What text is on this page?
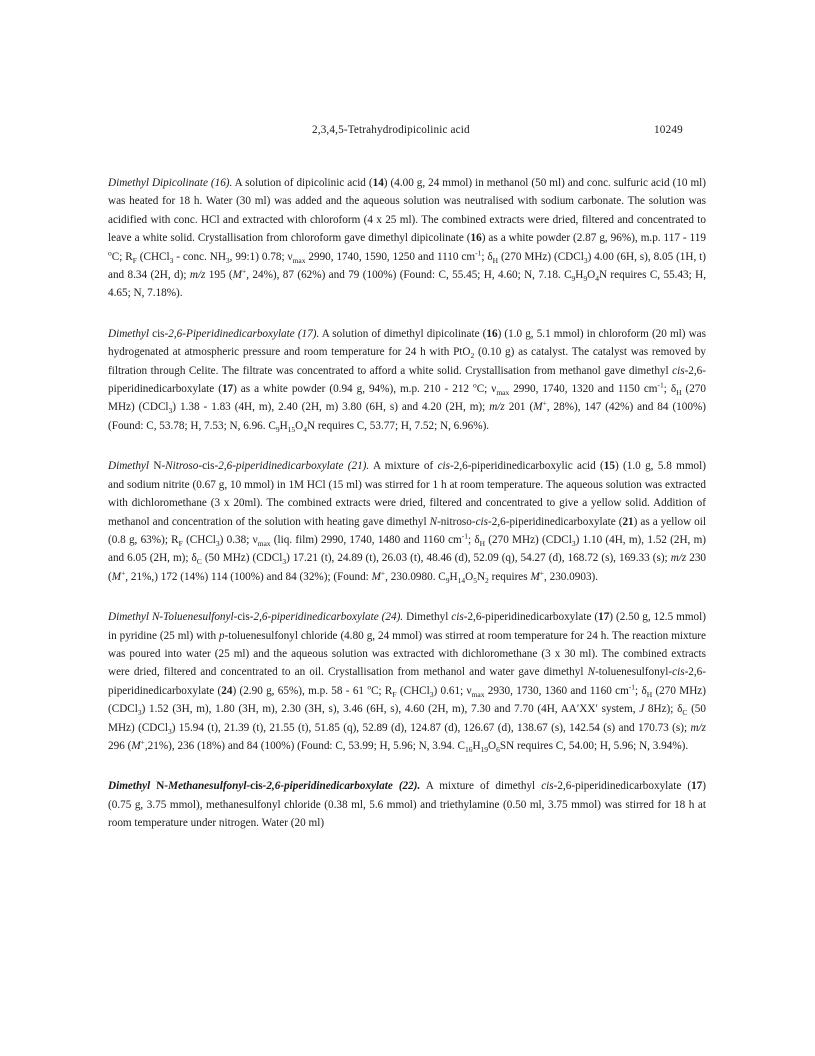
2,3,4,5-Tetrahydrodipicolinic acid	10249

Dimethyl Dipicolinate (16). A solution of dipicolinic acid (14) (4.00 g, 24 mmol) in methanol (50 ml) and conc. sulfuric acid (10 ml) was heated for 18 h. Water (30 ml) was added and the aqueous solution was neutralised with sodium carbonate. The solution was acidified with conc. HCl and extracted with chloroform (4 x 25 ml). The combined extracts were dried, filtered and concentrated to leave a white solid. Crystallisation from chloroform gave dimethyl dipicolinate (16) as a white powder (2.87 g, 96%), m.p. 117 - 119 $^o$C; $R_F$ (CHCl$_3$ - conc. $NH_3$, 99:1) 0.78; $\nu_{max}$ 2990, 1740, 1590, 1250 and 1110 $cm^{-1}$; $\delta_H$ (270 MHz) (CDCl$_3$) 4.00 (6H, s), 8.05 (1H, t) and 8.34 (2H, d); m/z 195 (M+, 24%), 87 (62%) and 79 (100%) (Found: C, 55.45; H, 4.60; N, 7.18. $C_9H_9O_4N$ requires C, 55.43; H, 4.65; N, 7.18%).

Dimethyl cis-2,6-Piperidinedicarboxylate (17). A solution of dimethyl dipicolinate (16) (1.0 g, 5.1 mmol) in chloroform (20 ml) was hydrogenated at atmospheric pressure and room temperature for 24 h with PtO$_2$ (0.10 g) as catalyst. The catalyst was removed by filtration through Celite. The filtrate was concentrated to afford a white solid. Crystallisation from methanol gave dimethyl cis-2,6-piperidinedicarboxylate (17) as a white powder (0.94 g, 94%), m.p. 210 - 212 $^o$C; $\nu_{max}$ 2990, 1740, 1320 and 1150 $cm^{-1}$; $\delta_H$ (270 MHz) (CDCl$_3$) 1.38 - 1.83 (4H, m), 2.40 (2H, m) 3.80 (6H, s) and 4.20 (2H, m); m/z 201 (M+, 28%), 147 (42%) and 84 (100%) (Found: C, 53.78; H, 7.53; N, 6.96. $C_9H_{15}O_4N$ requires C, 53.77; H, 7.52; N, 6.96%).

Dimethyl N-Nitroso-cis-2,6-piperidinedicarboxylate (21). A mixture of cis-2,6-piperidinedicarboxylic acid (15) (1.0 g, 5.8 mmol) and sodium nitrite (0.67 g, 10 mmol) in 1M HCl (15 ml) was stirred for 1 h at room temperature. The aqueous solution was extracted with dichloromethane (3 x 20ml). The combined extracts were dried, filtered and concentrated to give a yellow solid. Addition of methanol and concentration of the solution with heating gave dimethyl N-nitroso-cis-2,6-piperidinedicarboxylate (21) as a yellow oil (0.8 g, 63%); $R_F$ (CHCl$_3$) 0.38; $\nu_{max}$ (liq. film) 2990, 1740, 1480 and 1160 $cm^{-1}$; $\delta_H$ (270 MHz) (CDCl$_3$) 1.10 (4H, m), 1.52 (2H, m) and 6.05 (2H, m); $\delta_C$ (50 MHz) (CDCl$_3$) 17.21 (t), 24.89 (t), 26.03 (t), 48.46 (d), 52.09 (q), 54.27 (d), 168.72 (s), 169.33 (s); m/z 230 (M+, 21%,) 172 (14%) 114 (100%) and 84 (32%); (Found: M+, 230.0980. $C_9H_{14}O_5N_2$ requires M+, 230.0903).

Dimethyl N-Toluenesulfonyl-cis-2,6-piperidinedicarboxylate (24). Dimethyl cis-2,6-piperidinedicarboxylate (17) (2.50 g, 12.5 mmol) in pyridine (25 ml) with p-toluenesulfonyl chloride (4.80 g, 24 mmol) was stirred at room temperature for 24 h. The reaction mixture was poured into water (25 ml) and the aqueous solution was extracted with dichloromethane (3 x 30 ml). The combined extracts were dried, filtered and concentrated to an oil. Crystallisation from methanol and water gave dimethyl N-toluenesulfonyl-cis-2,6-piperidinedicarboxylate (24) (2.90 g, 65%), m.p. 58 - 61 $^o$C; $R_F$ (CHCl$_3$) 0.61; $\nu_{max}$ 2930, 1730, 1360 and 1160 $cm^{-1}$; $\delta_H$ (270 MHz) (CDCl$_3$) 1.52 (3H, m), 1.80 (3H, m), 2.30 (3H, s), 3.46 (6H, s), 4.60 (2H, m), 7.30 and 7.70 (4H, AA′XX′ system, J 8Hz); $\delta_C$ (50 MHz) (CDCl$_3$) 15.94 (t), 21.39 (t), 21.55 (t), 51.85 (q), 52.89 (d), 124.87 (d), 126.67 (d), 138.67 (s), 142.54 (s) and 170.73 (s); m/z 296 (M+,21%), 236 (18%) and 84 (100%) (Found: C, 53.99; H, 5.96; N, 3.94. $C_{16}H_{19}O_6SN$ requires C, 54.00; H, 5.96; N, 3.94%).

Dimethyl N-Methanesulfonyl-cis-2,6-piperidinedicarboxylate (22). A mixture of dimethyl cis-2,6-piperidinedicarboxylate (17) (0.75 g, 3.75 mmol), methanesulfonyl chloride (0.38 ml, 5.6 mmol) and triethylamine (0.50 ml, 3.75 mmol) was stirred for 18 h at room temperature under nitrogen. Water (20 ml)
